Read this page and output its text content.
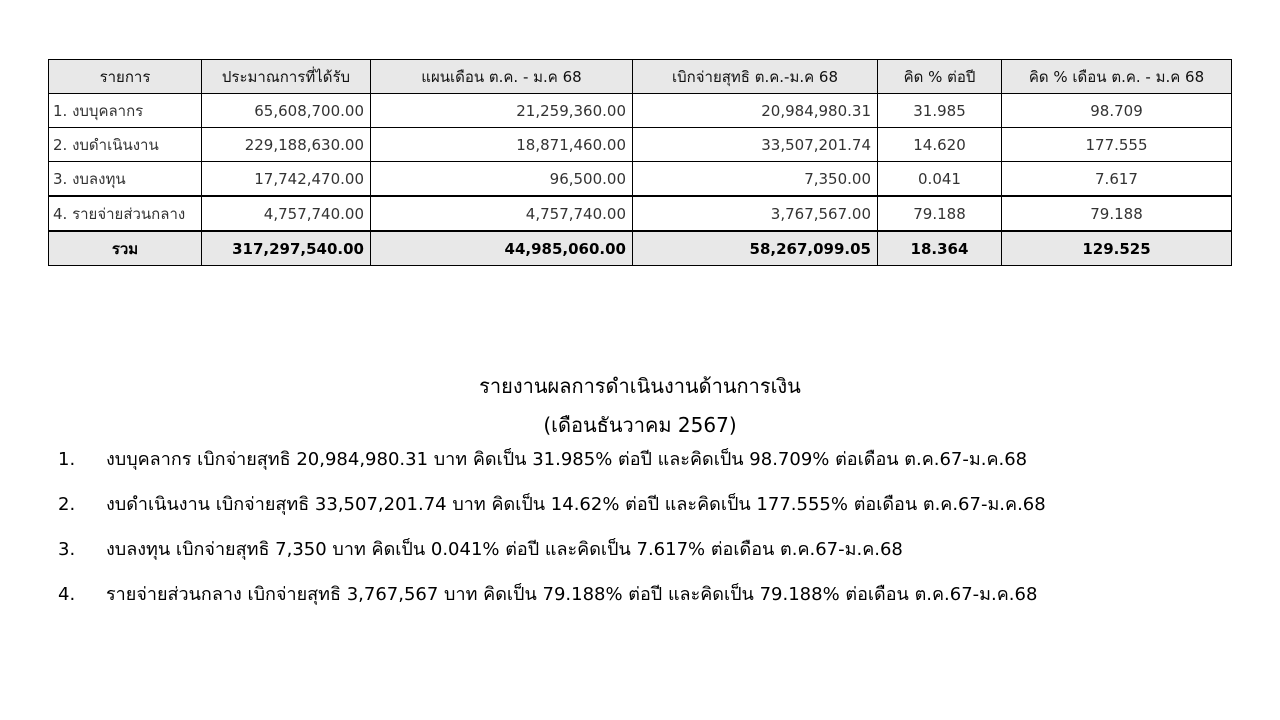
รายการ	ประมาณการที่ได้รับ	แผนเดือน ต.ค. - ม.ค 68	เบิกจ่ายสุทธิ ต.ค.-ม.ค 68	คิด % ต่อปี	คิด % เดือน ต.ค. - ม.ค 68
1. งบบุคลากร	65,608,700.00	21,259,360.00	20,984,980.31	31.985	98.709
2. งบดำเนินงาน	229,188,630.00	18,871,460.00	33,507,201.74	14.620	177.555
3. งบลงทุน	17,742,470.00	96,500.00	7,350.00	0.041	7.617
4. รายจ่ายส่วนกลาง	4,757,740.00	4,757,740.00	3,767,567.00	79.188	79.188
รวม	317,297,540.00	44,985,060.00	58,267,099.05	18.364	129.525
รายงานผลการดำเนินงานด้านการเงิน
(เดือนธันวาคม 2567)
1.	งบบุคลากร เบิกจ่ายสุทธิ 20,984,980.31 บาท คิดเป็น 31.985% ต่อปี และคิดเป็น 98.709% ต่อเดือน ต.ค.67-ม.ค.68
2.	งบดำเนินงาน เบิกจ่ายสุทธิ 33,507,201.74 บาท คิดเป็น 14.62% ต่อปี และคิดเป็น 177.555% ต่อเดือน ต.ค.67-ม.ค.68
3.	งบลงทุน เบิกจ่ายสุทธิ 7,350 บาท คิดเป็น 0.041% ต่อปี และคิดเป็น 7.617% ต่อเดือน ต.ค.67-ม.ค.68
4.	รายจ่ายส่วนกลาง เบิกจ่ายสุทธิ 3,767,567 บาท คิดเป็น 79.188% ต่อปี และคิดเป็น 79.188% ต่อเดือน ต.ค.67-ม.ค.68
